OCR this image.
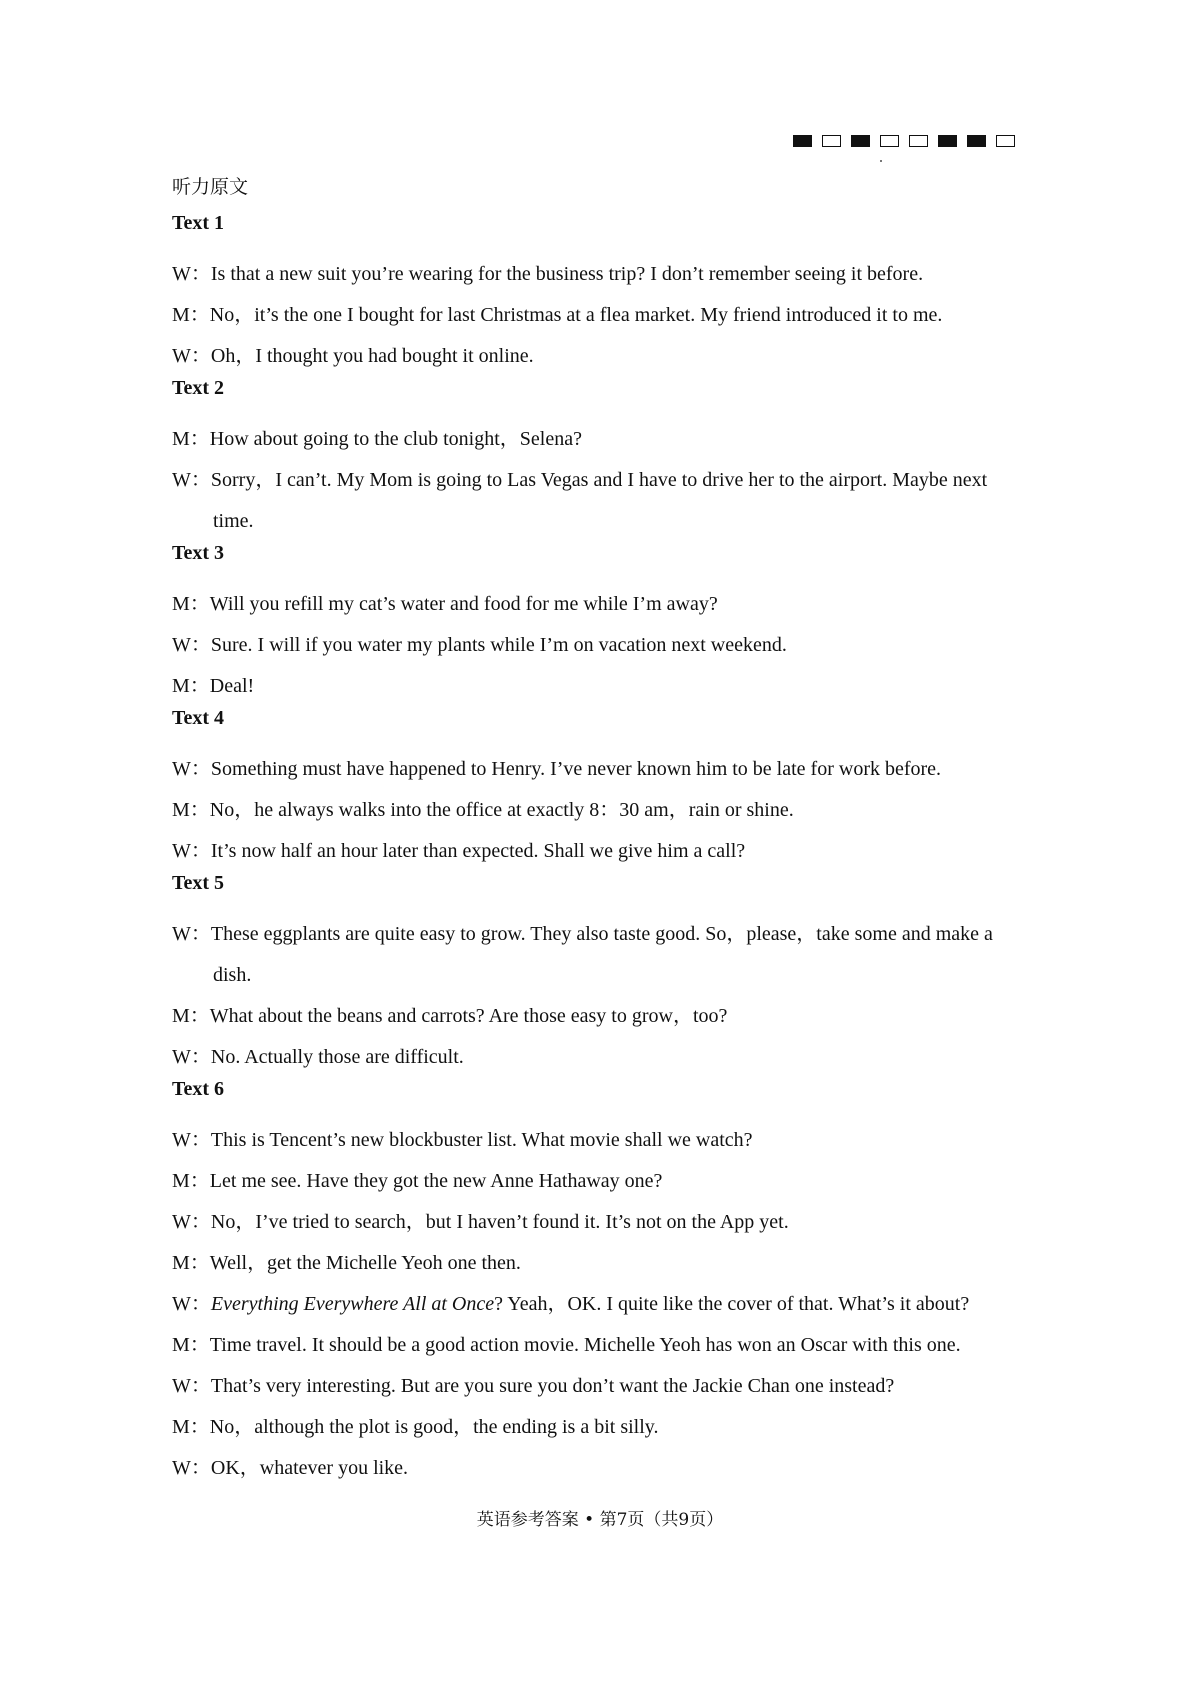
听力原文
Text 1

W：Is that a new suit you’re wearing for the business trip? I don’t remember seeing it before.

M：No，it’s the one I bought for last Christmas at a flea market. My friend introduced it to me.

W：Oh，I thought you had bought it online.

Text 2

M：How about going to the club tonight，Selena?

W：Sorry，I can’t. My Mom is going to Las Vegas and I have to drive her to the airport. Maybe next time.

Text 3

M：Will you refill my cat’s water and food for me while I’m away?

W：Sure. I will if you water my plants while I’m on vacation next weekend.

M：Deal!

Text 4

W：Something must have happened to Henry. I’ve never known him to be late for work before.

M：No，he always walks into the office at exactly 8：30 am，rain or shine.

W：It’s now half an hour later than expected. Shall we give him a call?

Text 5

W：These eggplants are quite easy to grow. They also taste good. So，please，take some and make a dish.

M：What about the beans and carrots? Are those easy to grow，too?

W：No. Actually those are difficult.

Text 6

W：This is Tencent’s new blockbuster list. What movie shall we watch?

M：Let me see. Have they got the new Anne Hathaway one?

W：No，I’ve tried to search，but I haven’t found it. It’s not on the App yet.

M：Well，get the Michelle Yeoh one then.

W：Everything Everywhere All at Once? Yeah，OK. I quite like the cover of that. What’s it about?

M：Time travel. It should be a good action movie. Michelle Yeoh has won an Oscar with this one.

W：That’s very interesting. But are you sure you don’t want the Jackie Chan one instead?

M：No，although the plot is good，the ending is a bit silly.

W：OK，whatever you like.

英语参考答案 • 第7页（共9页）
